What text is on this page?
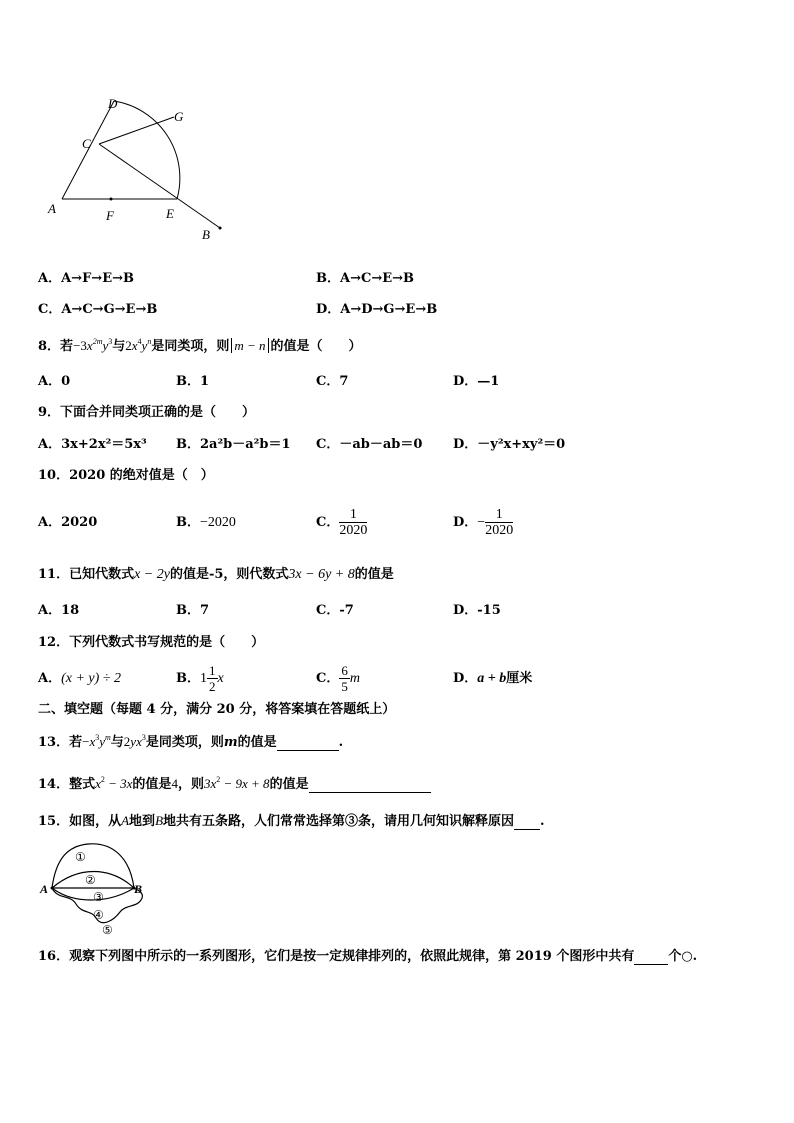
D
G
C
A	F	E
B
A．A→F→E→B	B．A→C→E→B
C．A→C→G→E→B	D．A→D→G→E→B
8．若$-3x^{2m}y^3$与$2x^4y^n$是同类项，则 m − n 的值是（　　）
A．0	B．1	C．7	D．—1
9．下面合并同类项正确的是（　　）
A．3x+2x²＝5x³ B．2a²b－a²b＝1 C．－ab－ab＝0 D．－y²x+xy²＝0
10．2020 的绝对值是（　）
A．2020	B．−2020	C． $\frac{1}{2020}$	D．− $\frac{1}{2020}$
11．已知代数式x − 2y的值是-5，则代数式3x − 6y + 8的值是
A．18	B．7	C．-7	D．-15
12．下列代数式书写规范的是（　　）
A．(x + y) ÷ 2	B．$1 \frac{1}{2}$ x	C． $\frac{6}{5}$ m	D．a + b厘米
二、填空题（每题 4 分，满分 20 分，将答案填在答题纸上）
13．若$-x^3y^m$与$2yx^3$是同类项，则m的值是	.
14．整式$x^2 - 3x$的值是4，则$3x^2 - 9x + 8$的值是
15．如图，从A地到B地共有五条路，人们常常选择第③条，请用几何知识解释原因 .
A	B
①
②
③
④
⑤
16．观察下列图中所示的一系列图形，它们是按一定规律排列的，依照此规律，第 2019 个图形中共有	个○.
